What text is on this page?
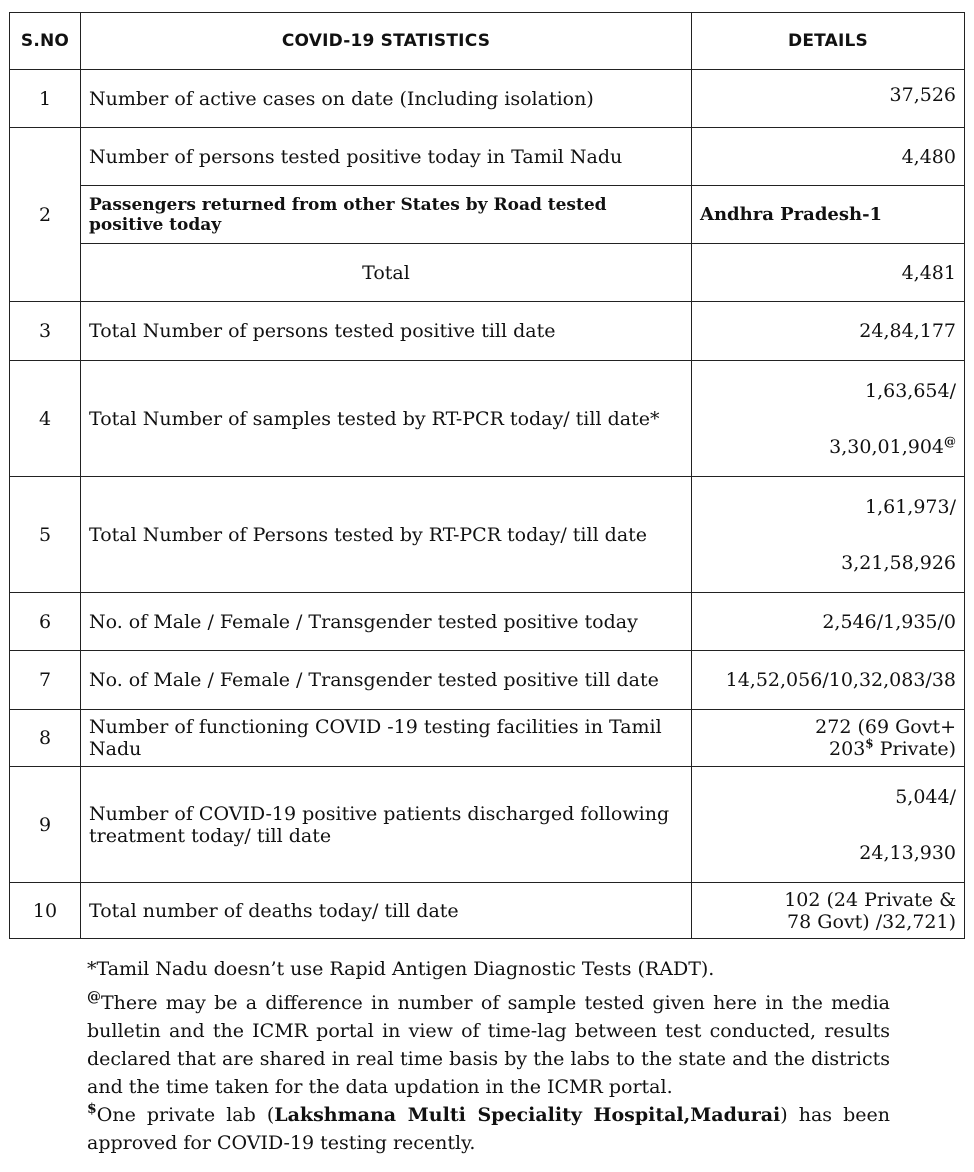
S.NO	COVID-19 STATISTICS	DETAILS
1	Number of active cases on date (Including isolation)	37,526
2	Number of persons tested positive today in Tamil Nadu	4,480
	Passengers returned from other States by Road tested positive today	Andhra Pradesh-1
	Total	4,481
3	Total Number of persons tested positive till date	24,84,177
4	Total Number of samples tested by RT-PCR today/ till date*	1,63,654/
3,30,01,904@
5	Total Number of Persons tested by RT-PCR today/ till date	1,61,973/
3,21,58,926
6	No. of Male / Female / Transgender tested positive today	2,546/1,935/0
7	No. of Male / Female / Transgender tested positive till date	14,52,056/10,32,083/38
8	Number of functioning COVID -19 testing facilities in Tamil Nadu	272 (69 Govt+
203$ Private)
9	Number of COVID-19 positive patients discharged following treatment today/ till date	5,044/
24,13,930
10	Total number of deaths today/ till date	102 (24 Private &
78 Govt) /32,721)

*Tamil Nadu doesn’t use Rapid Antigen Diagnostic Tests (RADT).

@There may be a difference in number of sample tested given here in the media bulletin and the ICMR portal in view of time-lag between test conducted, results declared that are shared in real time basis by the labs to the state and the districts and the time taken for the data updation in the ICMR portal.

$One private lab (Lakshmana Multi Speciality Hospital,Madurai) has been approved for COVID-19 testing recently.
